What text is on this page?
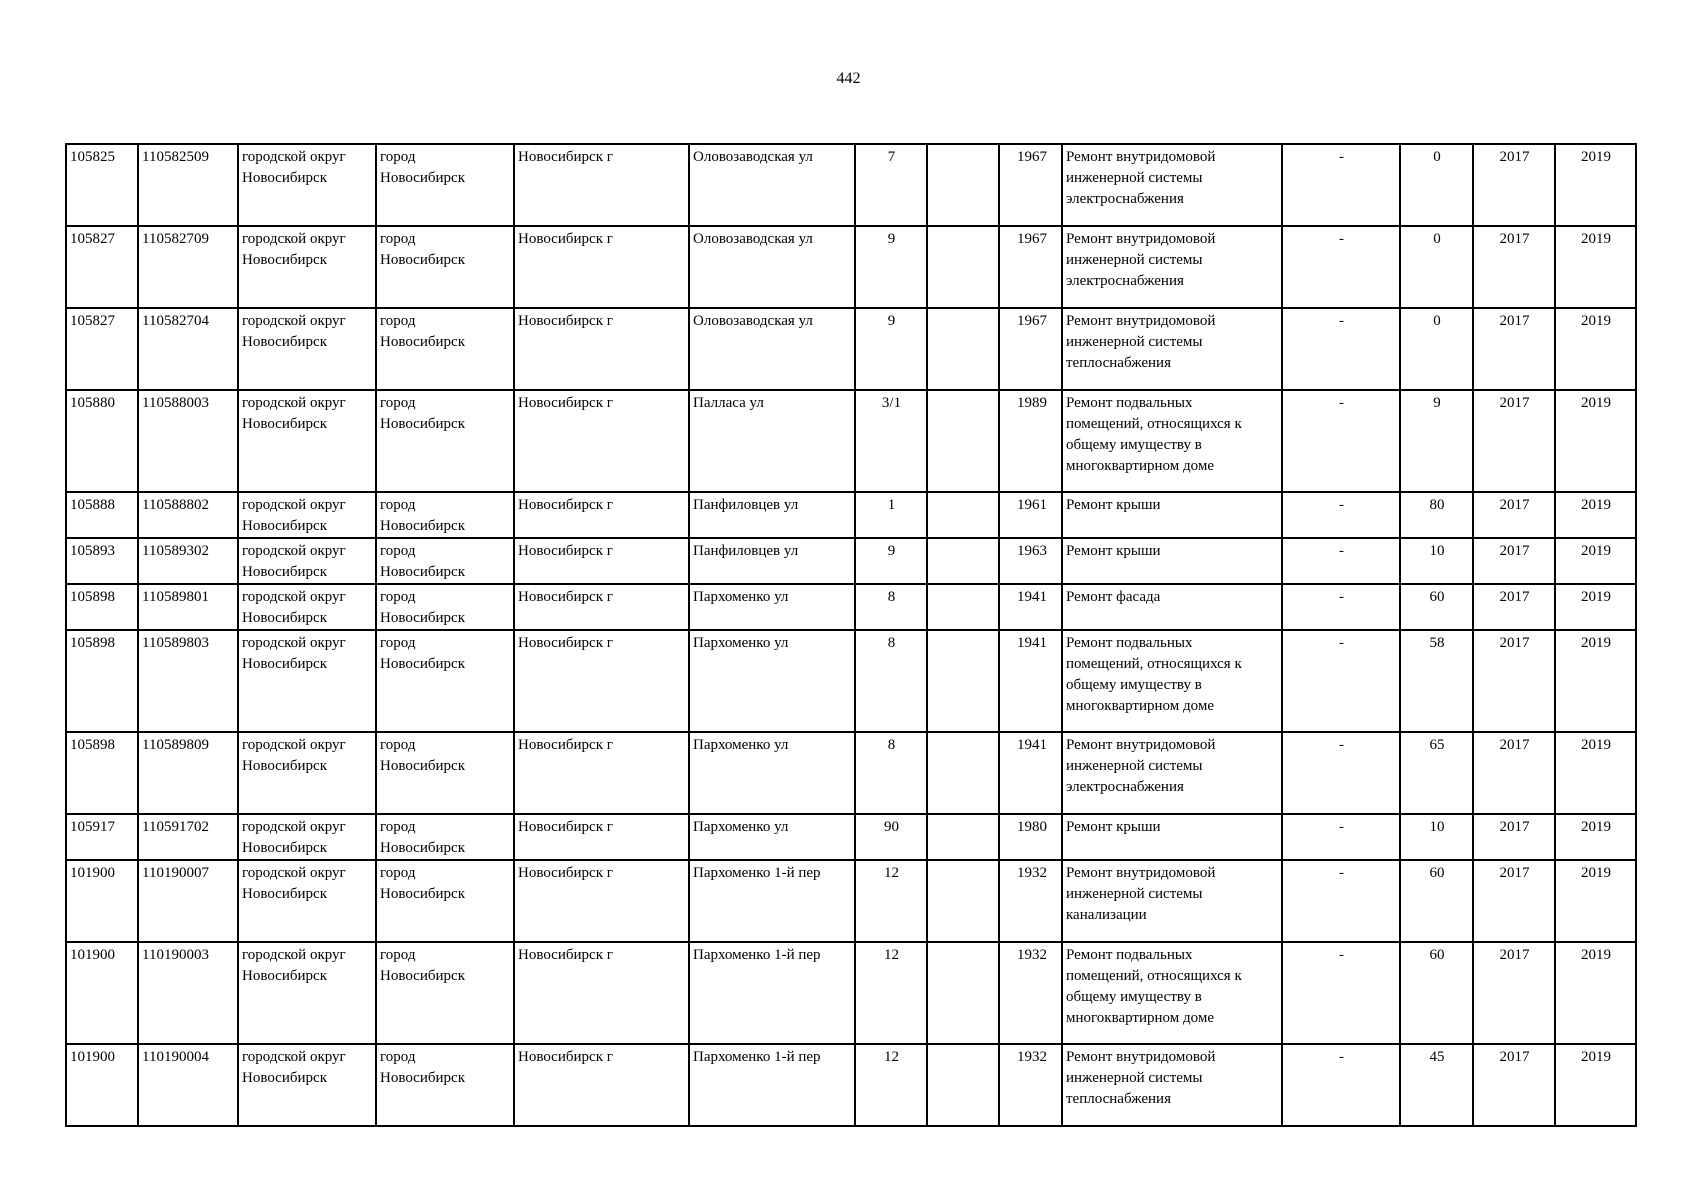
442
105825	110582509	городской округ
Новосибирск	город
Новосибирск	Новосибирск г	Оловозаводская ул	7		1967	Ремонт внутридомовой
инженерной системы
электроснабжения	-	0	2017	2019
105827	110582709	городской округ
Новосибирск	город
Новосибирск	Новосибирск г	Оловозаводская ул	9		1967	Ремонт внутридомовой
инженерной системы
электроснабжения	-	0	2017	2019
105827	110582704	городской округ
Новосибирск	город
Новосибирск	Новосибирск г	Оловозаводская ул	9		1967	Ремонт внутридомовой
инженерной системы
теплоснабжения	-	0	2017	2019
105880	110588003	городской округ
Новосибирск	город
Новосибирск	Новосибирск г	Палласа ул	3/1		1989	Ремонт подвальных
помещений, относящихся к
общему имуществу в
многоквартирном доме	-	9	2017	2019
105888	110588802	городской округ
Новосибирск	город
Новосибирск	Новосибирск г	Панфиловцев ул	1		1961	Ремонт крыши	-	80	2017	2019
105893	110589302	городской округ
Новосибирск	город
Новосибирск	Новосибирск г	Панфиловцев ул	9		1963	Ремонт крыши	-	10	2017	2019
105898	110589801	городской округ
Новосибирск	город
Новосибирск	Новосибирск г	Пархоменко ул	8		1941	Ремонт фасада	-	60	2017	2019
105898	110589803	городской округ
Новосибирск	город
Новосибирск	Новосибирск г	Пархоменко ул	8		1941	Ремонт подвальных
помещений, относящихся к
общему имуществу в
многоквартирном доме	-	58	2017	2019
105898	110589809	городской округ
Новосибирск	город
Новосибирск	Новосибирск г	Пархоменко ул	8		1941	Ремонт внутридомовой
инженерной системы
электроснабжения	-	65	2017	2019
105917	110591702	городской округ
Новосибирск	город
Новосибирск	Новосибирск г	Пархоменко ул	90		1980	Ремонт крыши	-	10	2017	2019
101900	110190007	городской округ
Новосибирск	город
Новосибирск	Новосибирск г	Пархоменко 1-й пер	12		1932	Ремонт внутридомовой
инженерной системы
канализации	-	60	2017	2019
101900	110190003	городской округ
Новосибирск	город
Новосибирск	Новосибирск г	Пархоменко 1-й пер	12		1932	Ремонт подвальных
помещений, относящихся к
общему имуществу в
многоквартирном доме	-	60	2017	2019
101900	110190004	городской округ
Новосибирск	город
Новосибирск	Новосибирск г	Пархоменко 1-й пер	12		1932	Ремонт внутридомовой
инженерной системы
теплоснабжения	-	45	2017	2019
